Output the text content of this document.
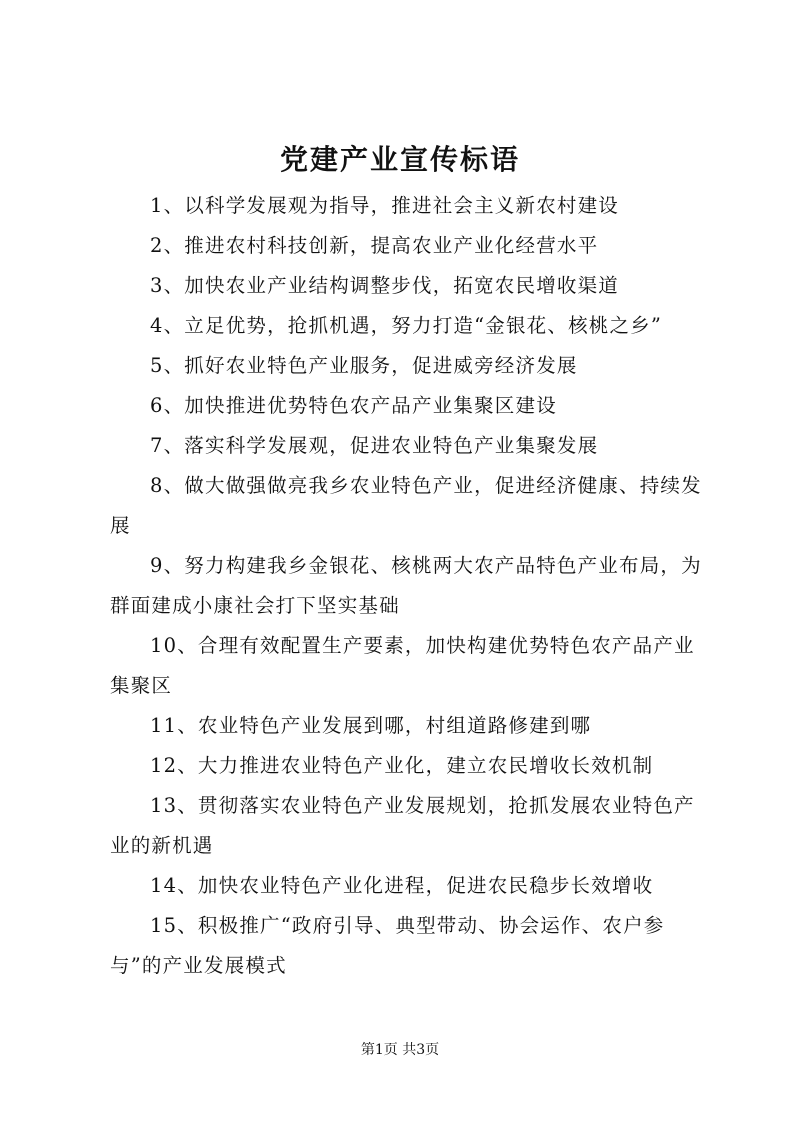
党建产业宣传标语
1、以科学发展观为指导，推进社会主义新农村建设
2、推进农村科技创新，提高农业产业化经营水平
3、加快农业产业结构调整步伐，拓宽农民增收渠道
4、立足优势，抢抓机遇，努力打造“金银花、核桃之乡”
5、抓好农业特色产业服务，促进威旁经济发展
6、加快推进优势特色农产品产业集聚区建设
7、落实科学发展观，促进农业特色产业集聚发展
8、做大做强做亮我乡农业特色产业，促进经济健康、持续发展
9、努力构建我乡金银花、核桃两大农产品特色产业布局，为群面建成小康社会打下坚实基础
10、合理有效配置生产要素，加快构建优势特色农产品产业集聚区
11、农业特色产业发展到哪，村组道路修建到哪
12、大力推进农业特色产业化，建立农民增收长效机制
13、贯彻落实农业特色产业发展规划，抢抓发展农业特色产业的新机遇
14、加快农业特色产业化进程，促进农民稳步长效增收
15、积极推广“政府引导、典型带动、协会运作、农户参与”的产业发展模式
第1页 共3页
